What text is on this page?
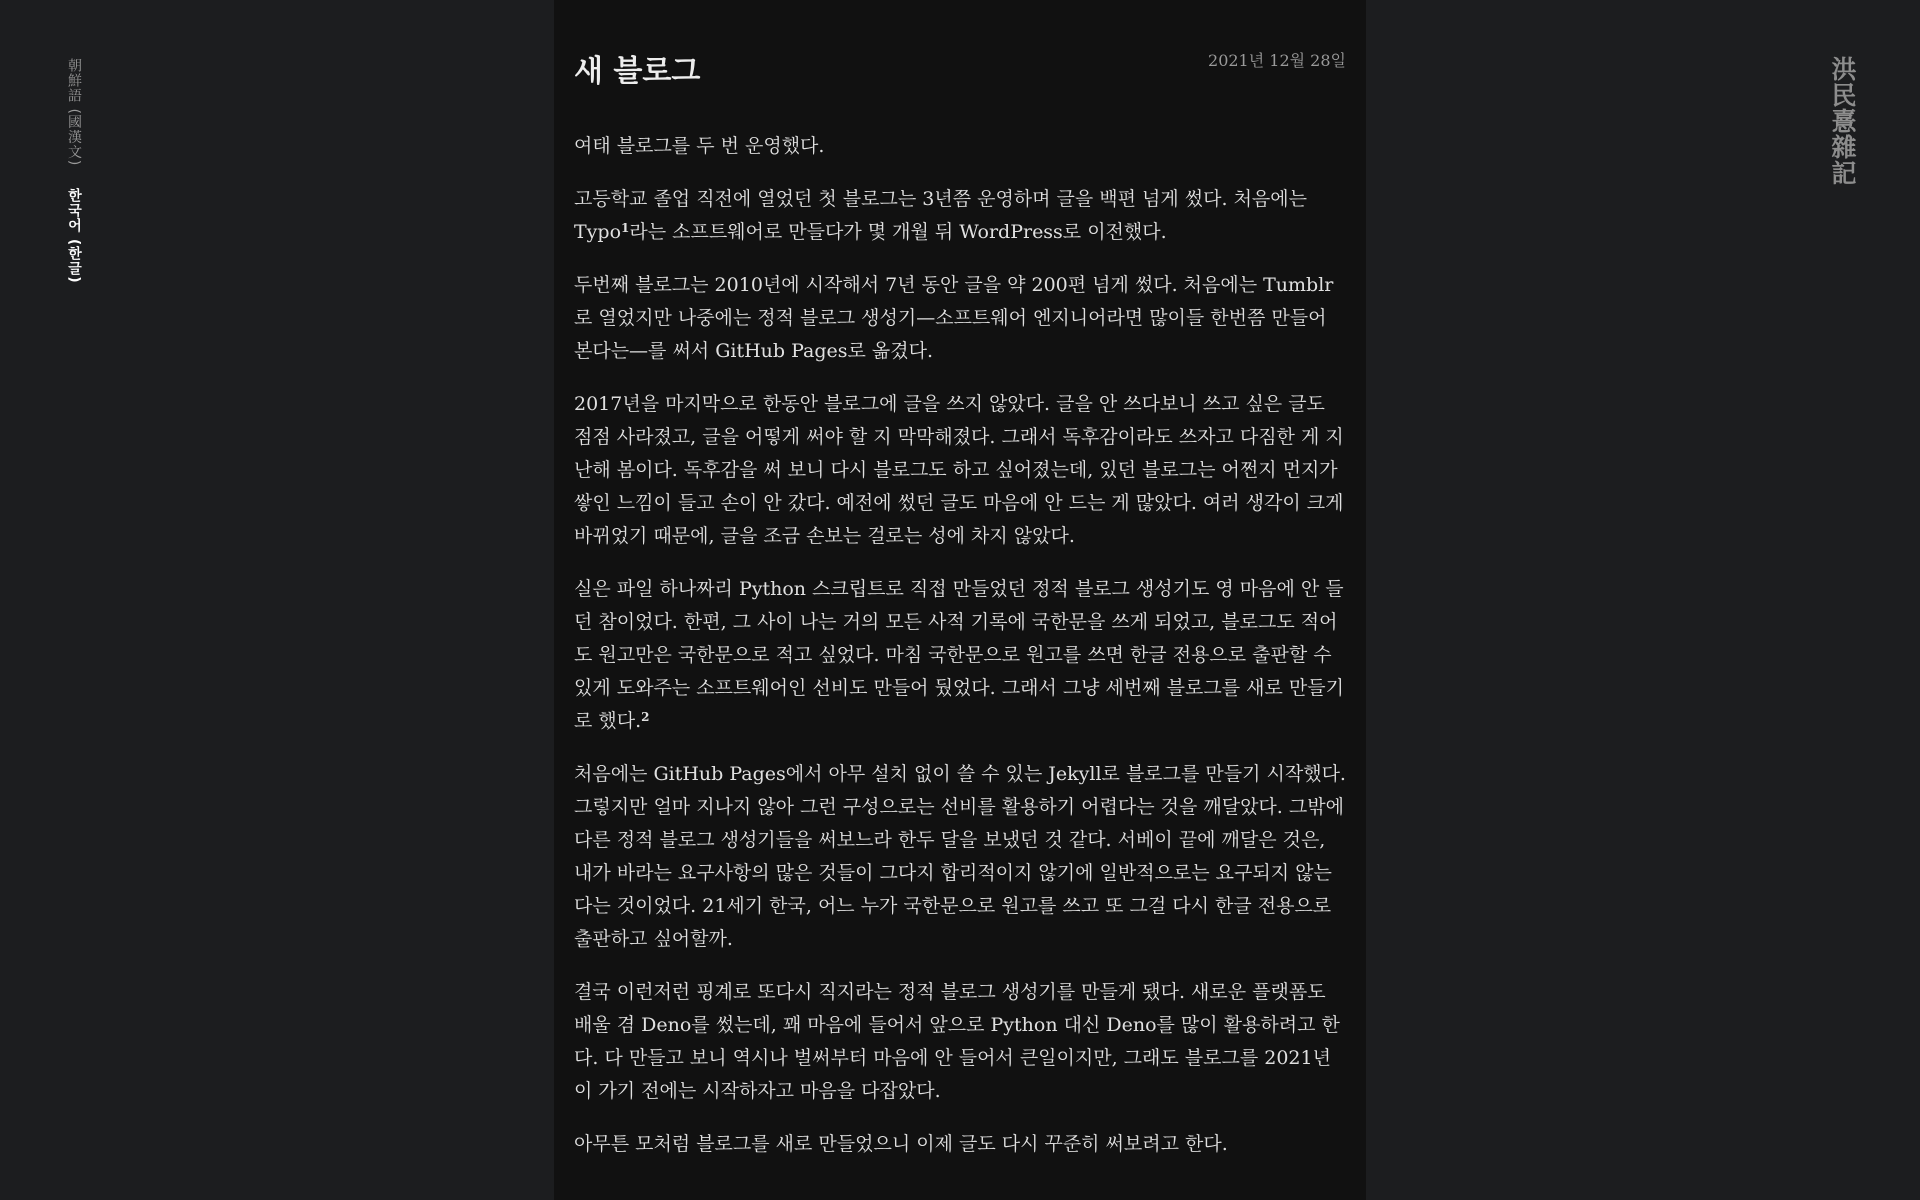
朝鮮語 (國漢文)
한국어 (한글)
洪民憙雜記
새 블로그	2021년 12월 28일

여태 블로그를 두 번 운영했다.

고등학교 졸업 직전에 열었던 첫 블로그는 3년쯤 운영하며 글을 백편 넘게 썼다. 처음에는 Typo$^1$라는 소프트웨어로 만들다가 몇 개월 뒤 WordPress로 이전했다.

두번째 블로그는 2010년에 시작해서 7년 동안 글을 약 200편 넘게 썼다. 처음에는 Tumblr로 열었지만 나중에는 정적 블로그 생성기—소프트웨어 엔지니어라면 많이들 한번쯤 만들어 본다는—를 써서 GitHub Pages로 옮겼다.

2017년을 마지막으로 한동안 블로그에 글을 쓰지 않았다. 글을 안 쓰다보니 쓰고 싶은 글도 점점 사라졌고, 글을 어떻게 써야 할 지 막막해졌다. 그래서 독후감이라도 쓰자고 다짐한 게 지난해 봄이다. 독후감을 써 보니 다시 블로그도 하고 싶어졌는데, 있던 블로그는 어쩐지 먼지가 쌓인 느낌이 들고 손이 안 갔다. 예전에 썼던 글도 마음에 안 드는 게 많았다. 여러 생각이 크게 바뀌었기 때문에, 글을 조금 손보는 걸로는 성에 차지 않았다.

실은 파일 하나짜리 Python 스크립트로 직접 만들었던 정적 블로그 생성기도 영 마음에 안 들던 참이었다. 한편, 그 사이 나는 거의 모든 사적 기록에 국한문을 쓰게 되었고, 블로그도 적어도 원고만은 국한문으로 적고 싶었다. 마침 국한문으로 원고를 쓰면 한글 전용으로 출판할 수 있게 도와주는 소프트웨어인 선비도 만들어 뒀었다. 그래서 그냥 세번째 블로그를 새로 만들기로 했다.$^2$

처음에는 GitHub Pages에서 아무 설치 없이 쓸 수 있는 Jekyll로 블로그를 만들기 시작했다. 그렇지만 얼마 지나지 않아 그런 구성으로는 선비를 활용하기 어렵다는 것을 깨달았다. 그밖에 다른 정적 블로그 생성기들을 써보느라 한두 달을 보냈던 것 같다. 서베이 끝에 깨달은 것은, 내가 바라는 요구사항의 많은 것들이 그다지 합리적이지 않기에 일반적으로는 요구되지 않는다는 것이었다. 21세기 한국, 어느 누가 국한문으로 원고를 쓰고 또 그걸 다시 한글 전용으로 출판하고 싶어할까.

결국 이런저런 핑계로 또다시 직지라는 정적 블로그 생성기를 만들게 됐다. 새로운 플랫폼도 배울 겸 Deno를 썼는데, 꽤 마음에 들어서 앞으로 Python 대신 Deno를 많이 활용하려고 한다. 다 만들고 보니 역시나 벌써부터 마음에 안 들어서 큰일이지만, 그래도 블로그를 2021년이 가기 전에는 시작하자고 마음을 다잡았다.

아무튼 모처럼 블로그를 새로 만들었으니 이제 글도 다시 꾸준히 써보려고 한다.
